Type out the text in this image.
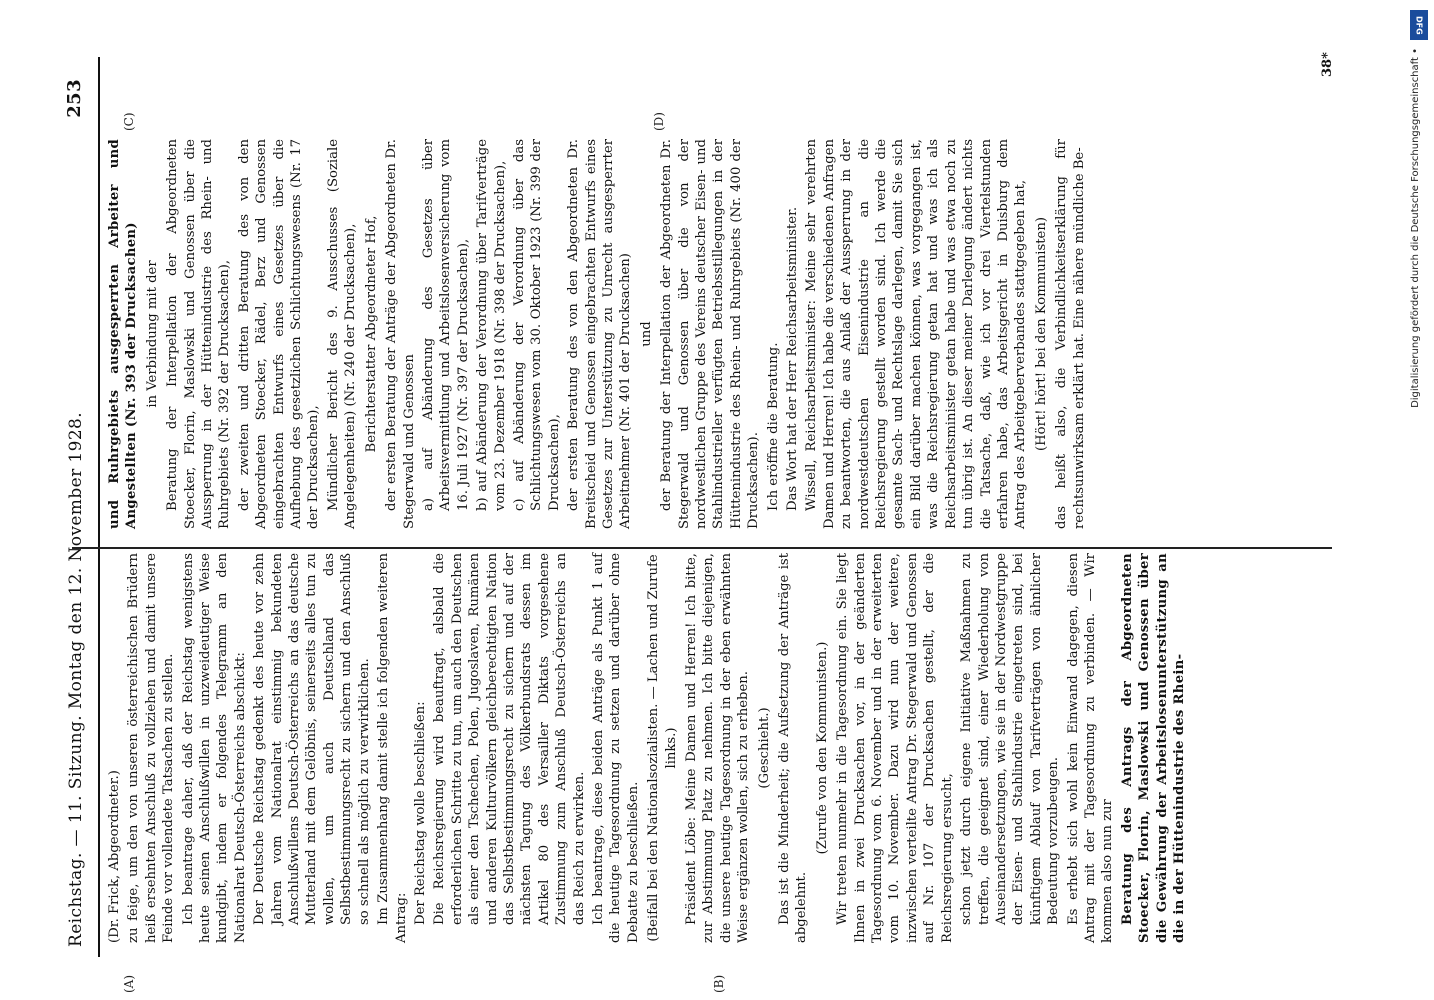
Reichstag. — 11. Sitzung. Montag den 12. November 1928.
253
(A)	(B)
(C)	(D)

(Dr. Frick, Abgeordneter.) zu feige, um den von unseren österreichischen Brüdern heiß ersehnten Anschluß zu vollziehen und damit unsere Feinde vor vollendete Tatsachen zu stellen. Ich beantrage daher, daß der Reichstag wenigstens heute seinen Anschlußwillen in unzweideutiger Weise kundgibt, indem er folgendes Telegramm an den Nationalrat Deutsch-Österreichs abschickt: Der Deutsche Reichstag gedenkt des heute vor zehn Jahren vom Nationalrat einstimmig bekundeten Anschlußwillens Deutsch-Österreichs an das deutsche Mutterland mit dem Gelöbnis, seinerseits alles tun zu wollen, um auch Deutschland das Selbstbestimmungsrecht zu sichern und den Anschluß so schnell als möglich zu verwirklichen. Im Zusammenhang damit stelle ich folgenden weiteren Antrag: Der Reichstag wolle beschließen: Die Reichsregierung wird beauftragt, alsbald die erforderlichen Schritte zu tun, um auch den Deutschen als einer den Tschechen, Polen, Jugoslaven, Rumänen und anderen Kulturvölkern gleichberechtigten Nation das Selbstbestimmungsrecht zu sichern und auf der nächsten Tagung des Völkerbundsrats dessen im Artikel 80 des Versailler Diktats vorgesehene Zustimmung zum Anschluß Deutsch-Österreichs an das Reich zu erwirken. Ich beantrage, diese beiden Anträge als Punkt 1 auf die heutige Tagesordnung zu setzen und darüber ohne Debatte zu beschließen. (Beifall bei den Nationalsozialisten. — Lachen und Zurufe links.) Präsident Löbe: Meine Damen und Herren! Ich bitte, zur Abstimmung Platz zu nehmen. Ich bitte diejenigen, die unsere heutige Tagesordnung in der eben erwähnten Weise ergänzen wollen, sich zu erheben. (Geschieht.) Das ist die Minderheit; die Aufsetzung der Anträge ist abgelehnt.

(Zurufe von den Kommunisten.) Wir treten nunmehr in die Tagesordnung ein. Sie liegt Ihnen in zwei Drucksachen vor, in der geänderten Tagesordnung vom 6. November und in der erweiterten vom 10. November. Dazu wird nun der weitere, inzwischen verteilte Antrag Dr. Stegerwald und Genossen auf Nr. 107 der Drucksachen gestellt, der die Reichsregierung ersucht, schon jetzt durch eigene Initiative Maßnahmen zu treffen, die geeignet sind, einer Wiederholung von Auseinandersetzungen, wie sie in der Nordwestgruppe der Eisen- und Stahlindustrie eingetreten sind, bei künftigem Ablauf von Tarifverträgen von ähnlicher Bedeutung vorzubeugen. Es erhebt sich wohl kein Einwand dagegen, diesen Antrag mit der Tagesordnung zu verbinden. — Wir kommen also nun zur Beratung des Antrags der Abgeordneten Stoecker, Florin, Maslowski und Genossen über die Gewährung der Arbeitslosenunterstützung an die in der Hüttenindustrie des Rhein-

und Ruhrgebiets ausgesperrten Arbeiter und Angestellten (Nr. 393 der Drucksachen) in Verbindung mit der Beratung der Interpellation der Abgeordneten Stoecker, Florin, Maslowski und Genossen über die Aussperrung in der Hüttenindustrie des Rhein- und Ruhrgebiets (Nr. 392 der Drucksachen), der zweiten und dritten Beratung des von den Abgeordneten Stoecker, Rädel, Berz und Genossen eingebrachten Entwurfs eines Gesetzes über die Aufhebung des gesetzlichen Schlichtungswesens (Nr. 17 der Drucksachen), Mündlicher Bericht des 9. Ausschusses (Soziale Angelegenheiten) (Nr. 240 der Drucksachen), Berichterstatter Abgeordneter Hof, der ersten Beratung der Anträge der Abgeordneten Dr. Stegerwald und Genossen a) auf Abänderung des Gesetzes über Arbeitsvermittlung und Arbeitslosenversicherung vom 16. Juli 1927 (Nr. 397 der Drucksachen), b) auf Abänderung der Verordnung über Tarifverträge vom 23. Dezember 1918 (Nr. 398 der Drucksachen), c) auf Abänderung der Verordnung über das Schlichtungswesen vom 30. Oktober 1923 (Nr. 399 der Drucksachen), der ersten Beratung des von den Abgeordneten Dr. Breitscheid und Genossen eingebrachten Entwurfs eines Gesetzes zur Unterstützung zu Unrecht ausgesperrter Arbeitnehmer (Nr. 401 der Drucksachen) und der Beratung der Interpellation der Abgeordneten Dr. Stegerwald und Genossen über die von der nordwestlichen Gruppe des Vereins deutscher Eisen- und Stahlindustrieller verfügten Betriebsstillegungen in der Hüttenindustrie des Rhein- und Ruhrgebiets (Nr. 400 der Drucksachen). Ich eröffne die Beratung. Das Wort hat der Herr Reichsarbeitsminister. Wissell, Reichsarbeitsminister: Meine sehr verehrten Damen und Herren! Ich habe die verschiedenen Anfragen zu beantworten, die aus Anlaß der Aussperrung in der nordwestdeutschen Eisenindustrie an die Reichsregierung gestellt worden sind. Ich werde die gesamte Sach- und Rechtslage darlegen, damit Sie sich ein Bild darüber machen können, was vorgegangen ist, was die Reichsregierung getan hat und was ich als Reichsarbeitsminister getan habe und was etwa noch zu tun übrig ist. An dieser meiner Darlegung ändert nichts die Tatsache, daß, wie ich vor drei Viertelstunden erfahren habe, das Arbeitsgericht in Duisburg dem Antrag des Arbeitgeberverbandes stattgegeben hat, (Hört! hört! bei den Kommunisten) das heißt also, die Verbindlichkeitserklärung für rechtsunwirksam erklärt hat. Eine nähere mündliche Be-

38*
DFG
Digitalisierung gefördert durch die Deutsche Forschungsgemeinschaft •
